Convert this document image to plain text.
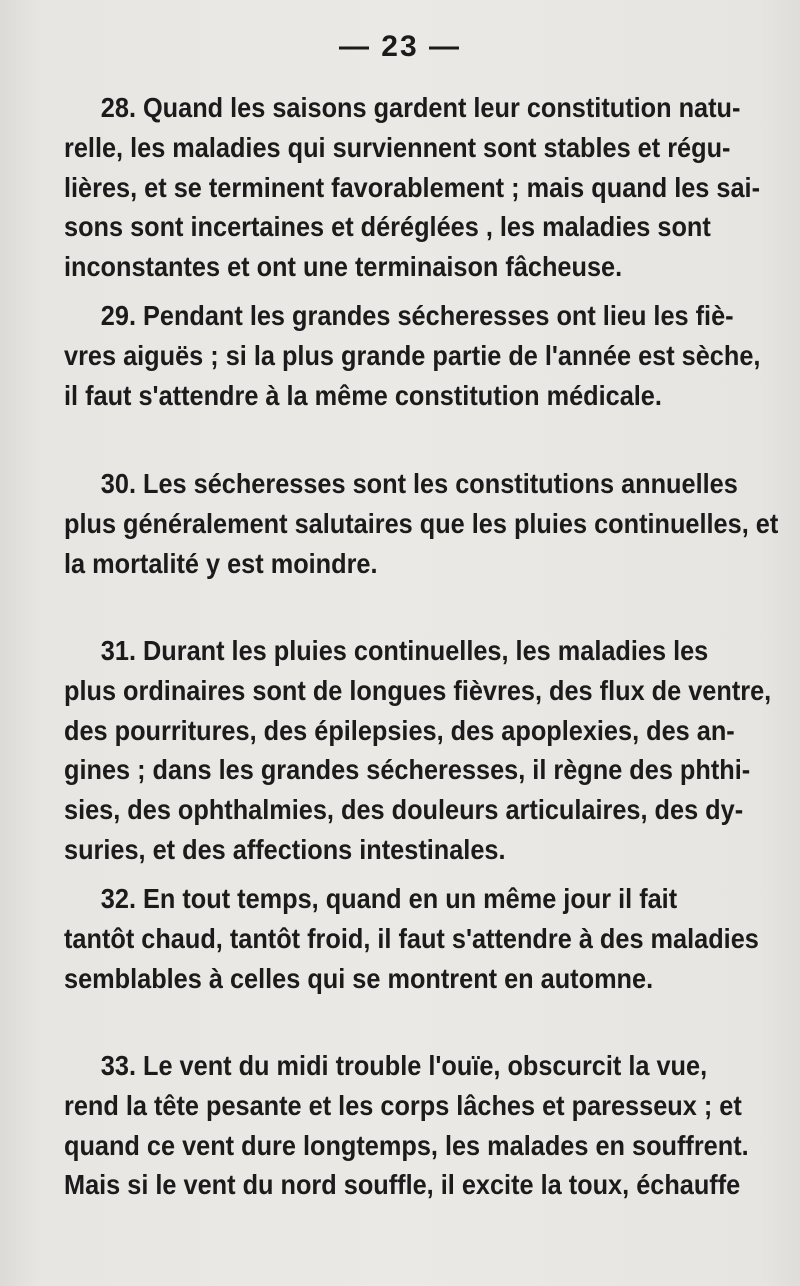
— 23 —
28. Quand les saisons gardent leur constitution natu-
relle, les maladies qui surviennent sont stables et régu-
lières, et se terminent favorablement ; mais quand les sai-
sons sont incertaines et déréglées , les maladies sont
inconstantes et ont une terminaison fâcheuse.
29. Pendant les grandes sécheresses ont lieu les fiè-
vres aiguës ; si la plus grande partie de l'année est sèche,
il faut s'attendre à la même constitution médicale.
30. Les sécheresses sont les constitutions annuelles
plus généralement salutaires que les pluies continuelles, et
la mortalité y est moindre.
31. Durant les pluies continuelles, les maladies les
plus ordinaires sont de longues fièvres, des flux de ventre,
des pourritures, des épilepsies, des apoplexies, des an-
gines ; dans les grandes sécheresses, il règne des phthi-
sies, des ophthalmies, des douleurs articulaires, des dy-
suries, et des affections intestinales.
32. En tout temps, quand en un même jour il fait
tantôt chaud, tantôt froid, il faut s'attendre à des maladies
semblables à celles qui se montrent en automne.
33. Le vent du midi trouble l'ouïe, obscurcit la vue,
rend la tête pesante et les corps lâches et paresseux ; et
quand ce vent dure longtemps, les malades en souffrent.
Mais si le vent du nord souffle, il excite la toux, échauffe
